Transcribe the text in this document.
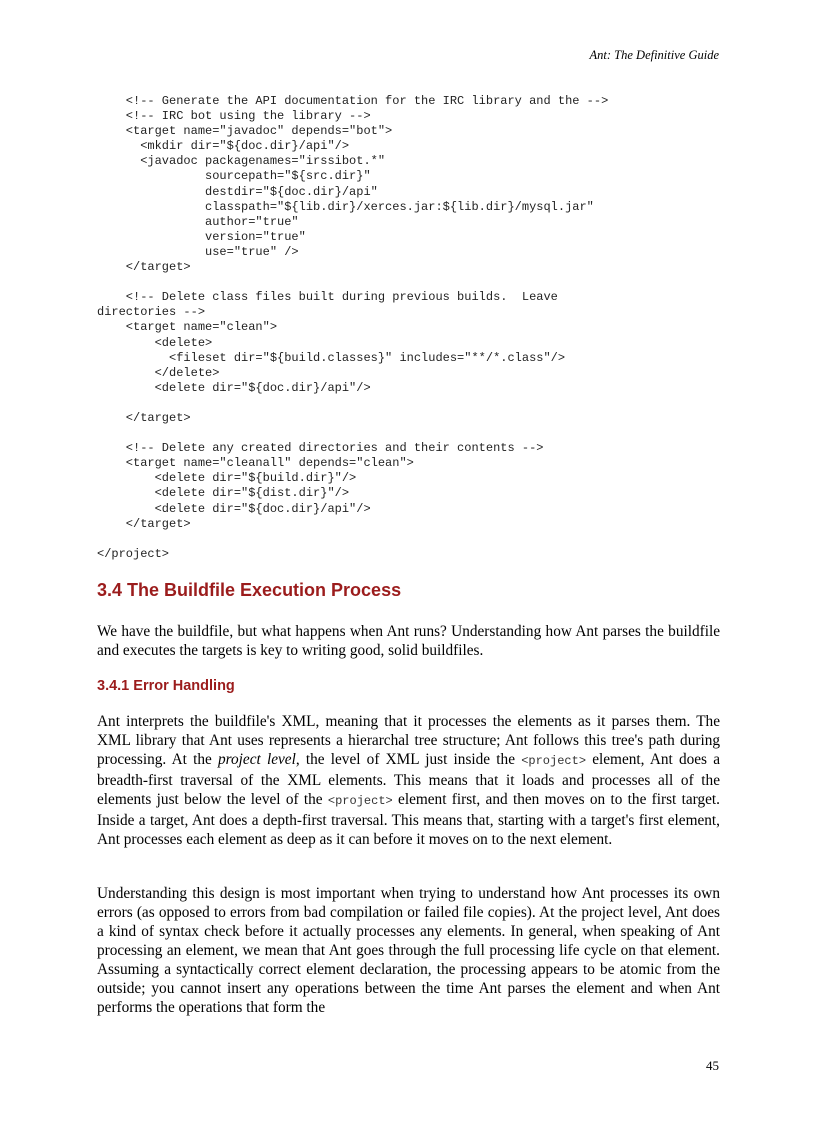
Ant: The Definitive Guide
<!-- Generate the API documentation for the IRC library and the -->
<!-- IRC bot using the library -->
<target name="javadoc" depends="bot">
<mkdir dir="${doc.dir}/api"/>
<javadoc packagenames="irssibot.*"
sourcepath="${src.dir}"
destdir="${doc.dir}/api"
classpath="${lib.dir}/xerces.jar:${lib.dir}/mysql.jar"
author="true"
version="true"
use="true" />
</target>

<!-- Delete class files built during previous builds.  Leave
directories -->
<target name="clean">
<delete>
<fileset dir="${build.classes}" includes="**/*.class"/>
</delete>
<delete dir="${doc.dir}/api"/>

</target>

<!-- Delete any created directories and their contents -->
<target name="cleanall" depends="clean">
<delete dir="${build.dir}"/>
<delete dir="${dist.dir}"/>
<delete dir="${doc.dir}/api"/>
</target>

</project>

3.4 The Buildfile Execution Process

We have the buildfile, but what happens when Ant runs? Understanding how Ant parses the buildfile and executes the targets is key to writing good, solid buildfiles.

3.4.1 Error Handling

Ant interprets the buildfile's XML, meaning that it processes the elements as it parses them. The XML library that Ant uses represents a hierarchal tree structure; Ant follows this tree's path during processing. At the project level, the level of XML just inside the <project> element, Ant does a breadth-first traversal of the XML elements. This means that it loads and processes all of the elements just below the level of the <project> element first, and then moves on to the first target. Inside a target, Ant does a depth-first traversal. This means that, starting with a target's first element, Ant processes each element as deep as it can before it moves on to the next element.

Understanding this design is most important when trying to understand how Ant processes its own errors (as opposed to errors from bad compilation or failed file copies). At the project level, Ant does a kind of syntax check before it actually processes any elements. In general, when speaking of Ant processing an element, we mean that Ant goes through the full processing life cycle on that element. Assuming a syntactically correct element declaration, the processing appears to be atomic from the outside; you cannot insert any operations between the time Ant parses the element and when Ant performs the operations that form the

45
